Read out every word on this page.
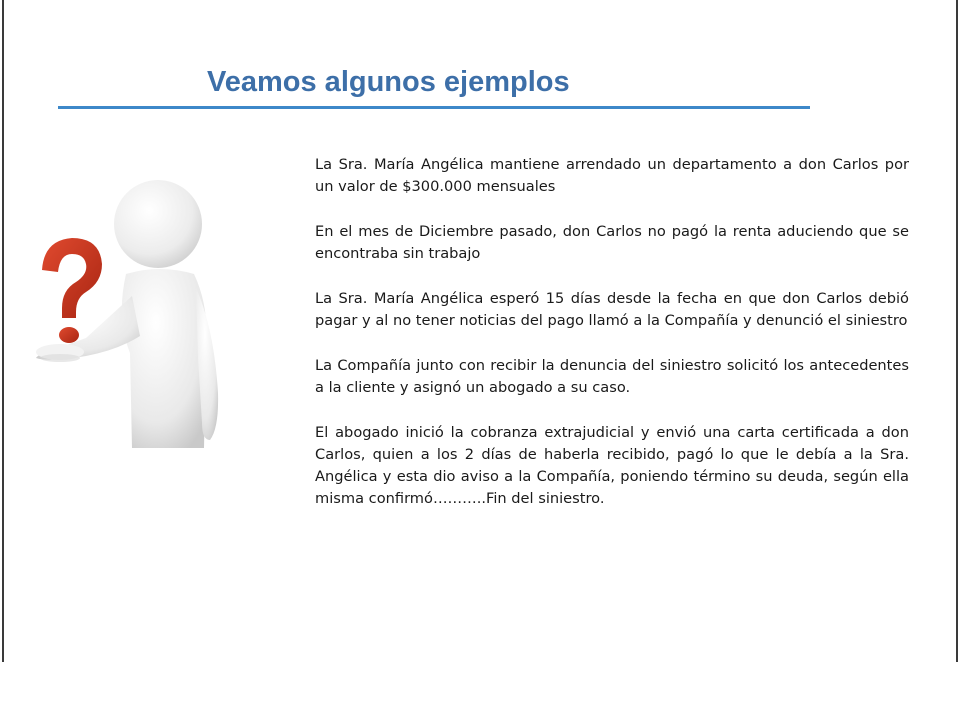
Veamos algunos ejemplos

La Sra. María Angélica mantiene arrendado un departamento a don Carlos por un valor de $300.000 mensuales

En el mes de Diciembre pasado, don Carlos no pagó la renta aduciendo que se encontraba sin trabajo

La Sra. María Angélica esperó 15 días desde la fecha en que don Carlos debió pagar y al no tener noticias del pago llamó a la Compañía y denunció el siniestro

La Compañía junto con recibir la denuncia del siniestro solicitó los antecedentes a la cliente y asignó un abogado a su caso.

El abogado inició la cobranza extrajudicial y envió una carta certificada a don Carlos, quien a los 2 días de haberla recibido, pagó lo que le debía a la Sra. Angélica y esta dio aviso a la Compañía, poniendo término su deuda, según ella misma confirmó………..Fin del siniestro.
